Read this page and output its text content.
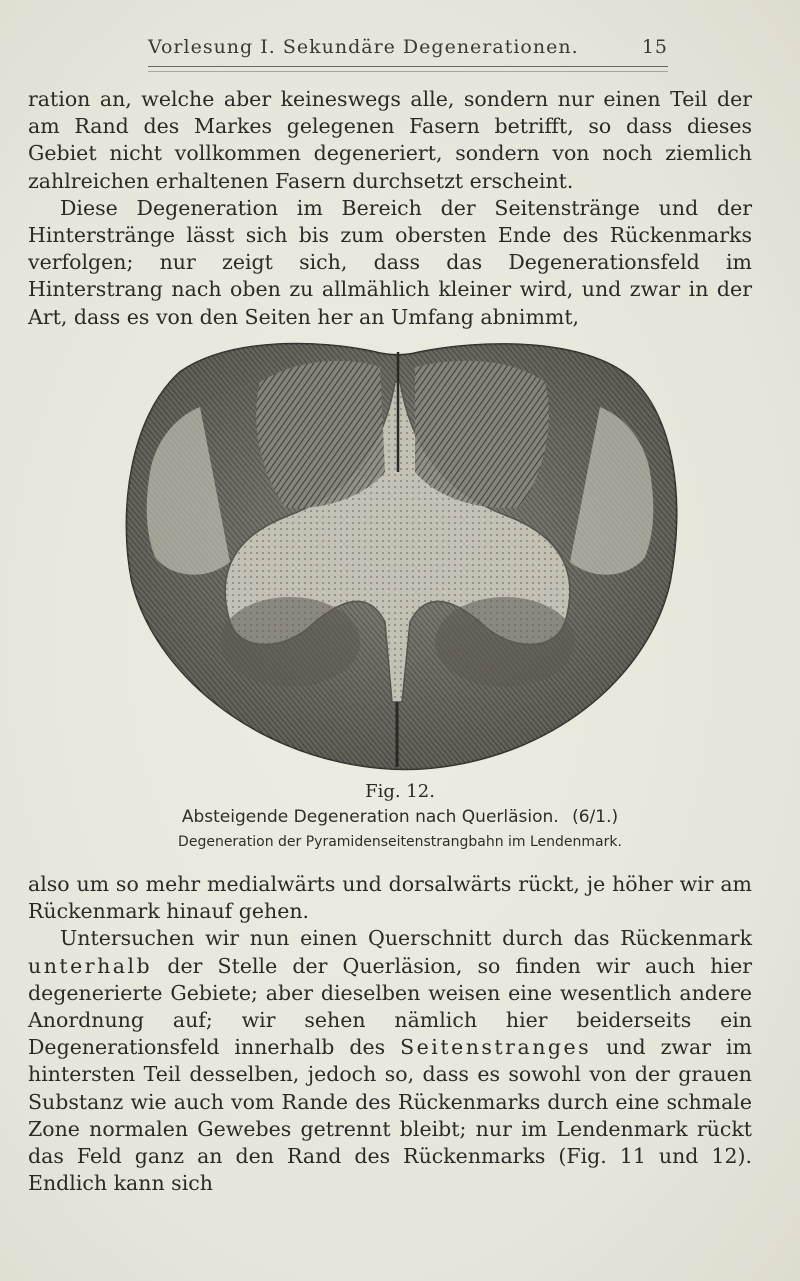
Vorlesung I. Sekundäre Degenerationen.	15

ration an, welche aber keineswegs alle, sondern nur einen Teil der am Rand des Markes gelegenen Fasern betrifft, so dass dieses Gebiet nicht vollkommen degeneriert, sondern von noch ziemlich zahlreichen erhaltenen Fasern durchsetzt erscheint.

Diese Degeneration im Bereich der Seitenstränge und der Hinterstränge lässt sich bis zum obersten Ende des Rückenmarks verfolgen; nur zeigt sich, dass das Degenerationsfeld im Hinterstrang nach oben zu allmählich kleiner wird, und zwar in der Art, dass es von den Seiten her an Umfang abnimmt,

Fig. 12.
Absteigende Degeneration nach Querläsion. (6/1.)
Degeneration der Pyramidenseitenstrangbahn im Lendenmark.

also um so mehr medialwärts und dorsalwärts rückt, je höher wir am Rückenmark hinauf gehen.

Untersuchen wir nun einen Querschnitt durch das Rückenmark unterhalb der Stelle der Querläsion, so finden wir auch hier degenerierte Gebiete; aber dieselben weisen eine wesentlich andere Anordnung auf; wir sehen nämlich hier beiderseits ein Degenerationsfeld innerhalb des Seitenstranges und zwar im hintersten Teil desselben, jedoch so, dass es sowohl von der grauen Substanz wie auch vom Rande des Rückenmarks durch eine schmale Zone normalen Gewebes getrennt bleibt; nur im Lendenmark rückt das Feld ganz an den Rand des Rückenmarks (Fig. 11 und 12). Endlich kann sich
